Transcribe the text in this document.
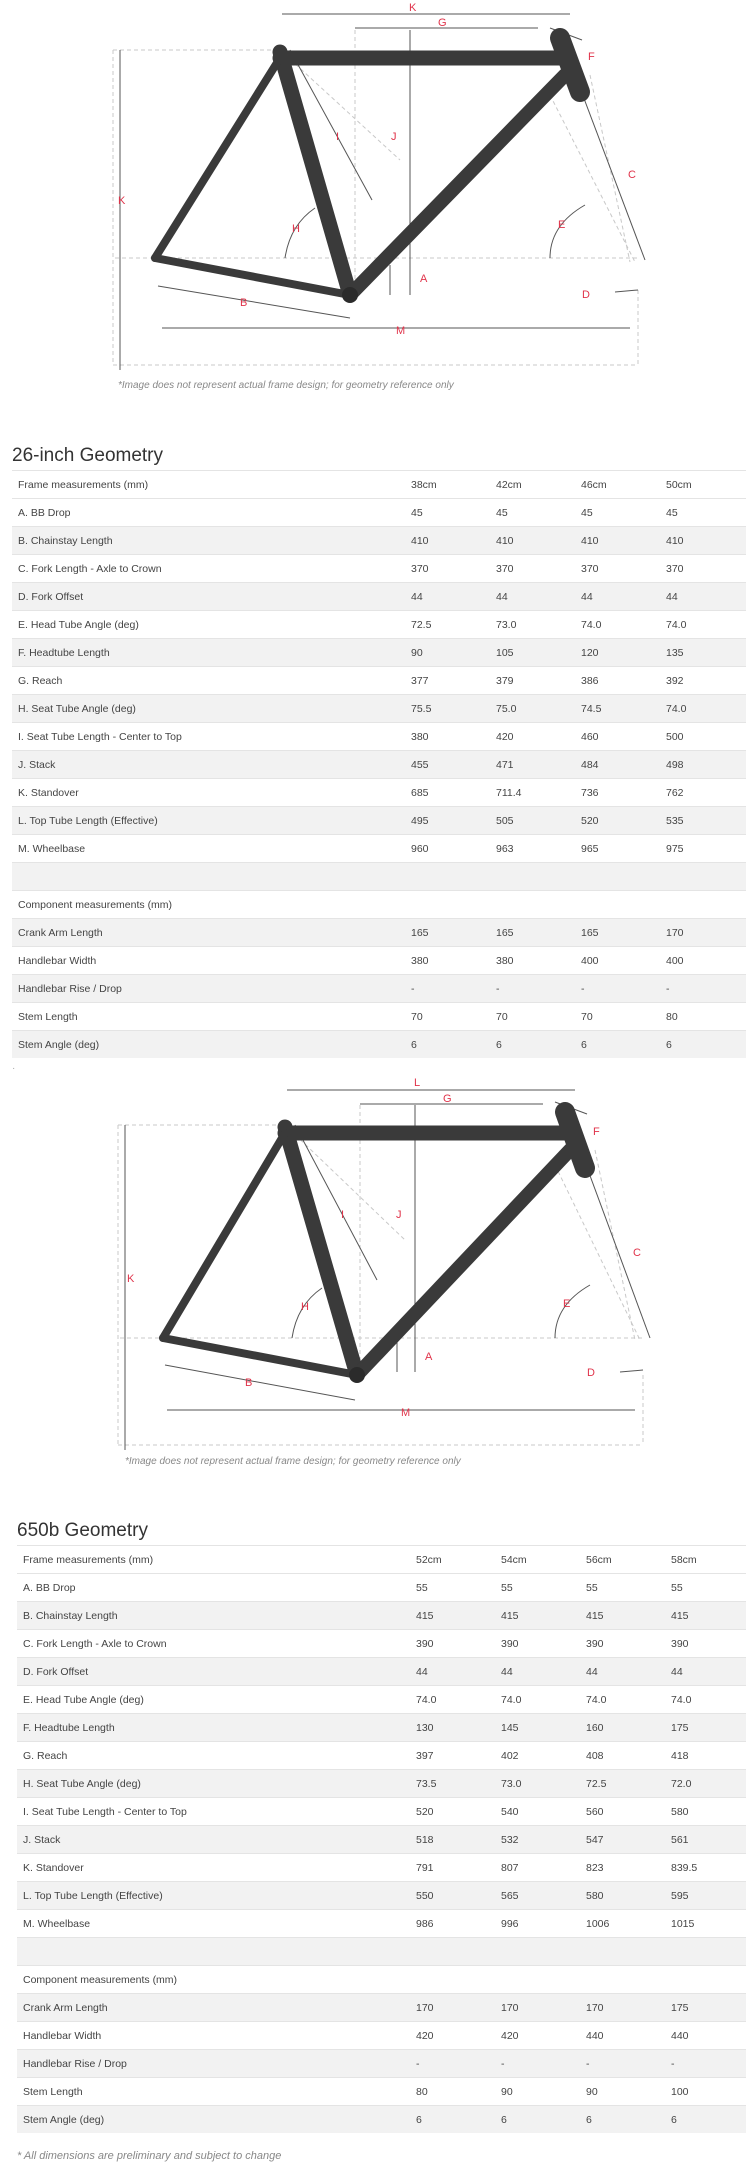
K
G
F
C
E
D
I	J
K
H
A
B
M
*Image does not represent actual frame design; for geometry reference only
26-inch Geometry
Frame measurements (mm)	38cm	42cm	46cm	50cm
A. BB Drop	45	45	45	45
B. Chainstay Length	410	410	410	410
C. Fork Length - Axle to Crown	370	370	370	370
D. Fork Offset	44	44	44	44
E. Head Tube Angle (deg)	72.5	73.0	74.0	74.0
F. Headtube Length	90	105	120	135
G. Reach	377	379	386	392
H. Seat Tube Angle (deg)	75.5	75.0	74.5	74.0
I. Seat Tube Length - Center to Top	380	420	460	500
J. Stack	455	471	484	498
K. Standover	685	711.4	736	762
L. Top Tube Length (Effective)	495	505	520	535
M. Wheelbase	960	963	965	975

Component measurements (mm)				
Crank Arm Length	165	165	165	170
Handlebar Width	380	380	400	400
Handlebar Rise / Drop	-	-	-	-
Stem Length	70	70	70	80
Stem Angle (deg)	6	6	6	6
·
L
G
F
C
E
D
I	J
K
H
A
B
M
*Image does not represent actual frame design; for geometry reference only
650b Geometry
Frame measurements (mm)	52cm	54cm	56cm	58cm
A. BB Drop	55	55	55	55
B. Chainstay Length	415	415	415	415
C. Fork Length - Axle to Crown	390	390	390	390
D. Fork Offset	44	44	44	44
E. Head Tube Angle (deg)	74.0	74.0	74.0	74.0
F. Headtube Length	130	145	160	175
G. Reach	397	402	408	418
H. Seat Tube Angle (deg)	73.5	73.0	72.5	72.0
I. Seat Tube Length - Center to Top	520	540	560	580
J. Stack	518	532	547	561
K. Standover	791	807	823	839.5
L. Top Tube Length (Effective)	550	565	580	595
M. Wheelbase	986	996	1006	1015

Component measurements (mm)				
Crank Arm Length	170	170	170	175
Handlebar Width	420	420	440	440
Handlebar Rise / Drop	-	-	-	-
Stem Length	80	90	90	100
Stem Angle (deg)	6	6	6	6
* All dimensions are preliminary and subject to change
